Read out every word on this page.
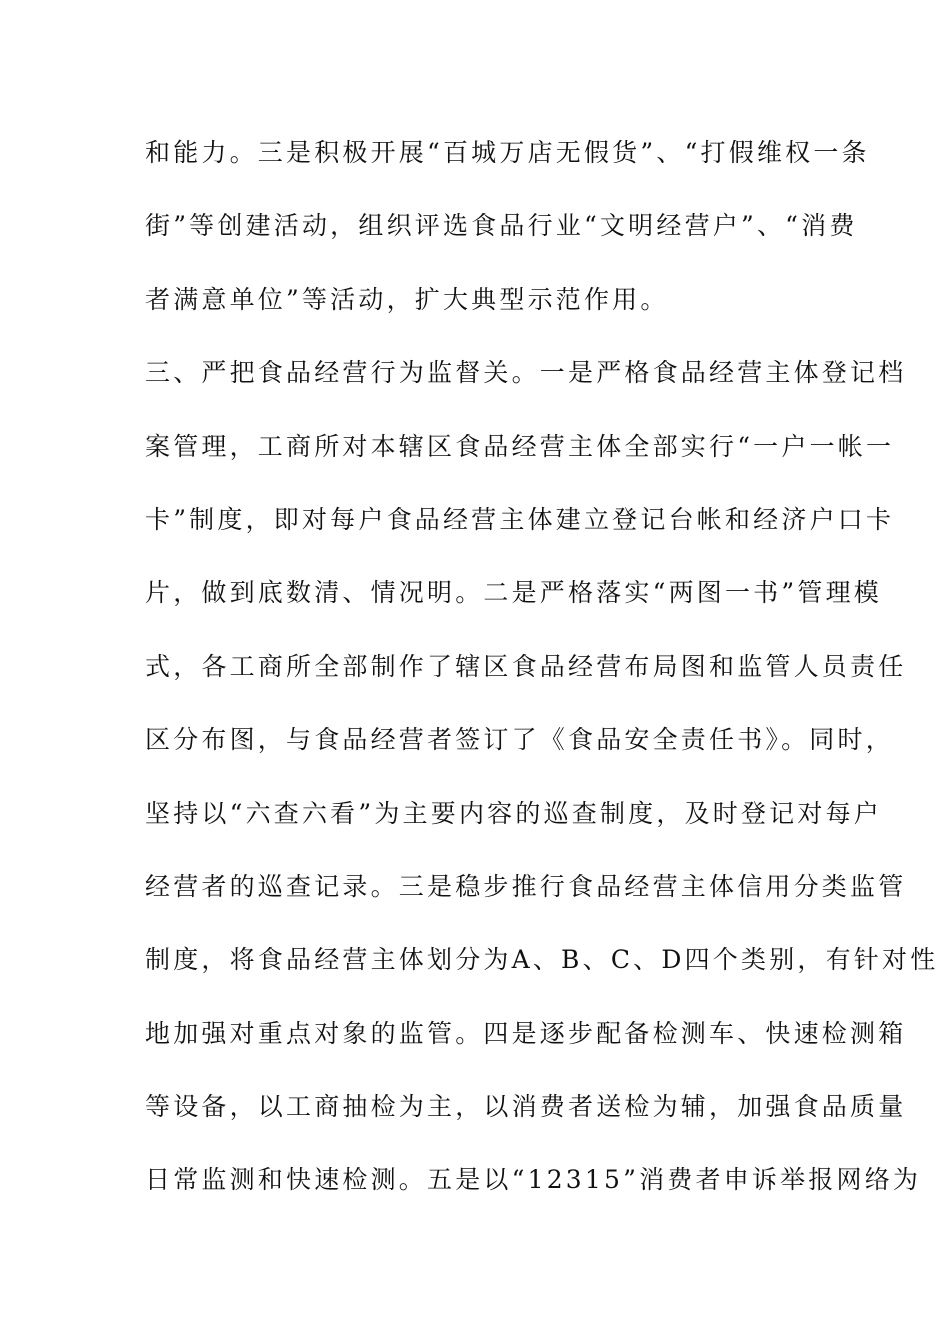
和能力。三是积极开展“百城万店无假货”、“打假维权一条
街”等创建活动，组织评选食品行业“文明经营户”、“消费
者满意单位”等活动，扩大典型示范作用。
三、严把食品经营行为监督关。一是严格食品经营主体登记档
案管理，工商所对本辖区食品经营主体全部实行“一户一帐一
卡”制度，即对每户食品经营主体建立登记台帐和经济户口卡
片，做到底数清、情况明。二是严格落实“两图一书”管理模
式，各工商所全部制作了辖区食品经营布局图和监管人员责任
区分布图，与食品经营者签订了《食品安全责任书》。同时，
坚持以“六查六看”为主要内容的巡查制度，及时登记对每户
经营者的巡查记录。三是稳步推行食品经营主体信用分类监管
制度，将食品经营主体划分为A、B、C、D四个类别，有针对性
地加强对重点对象的监管。四是逐步配备检测车、快速检测箱
等设备，以工商抽检为主，以消费者送检为辅，加强食品质量
日常监测和快速检测。五是以“12315”消费者申诉举报网络为
